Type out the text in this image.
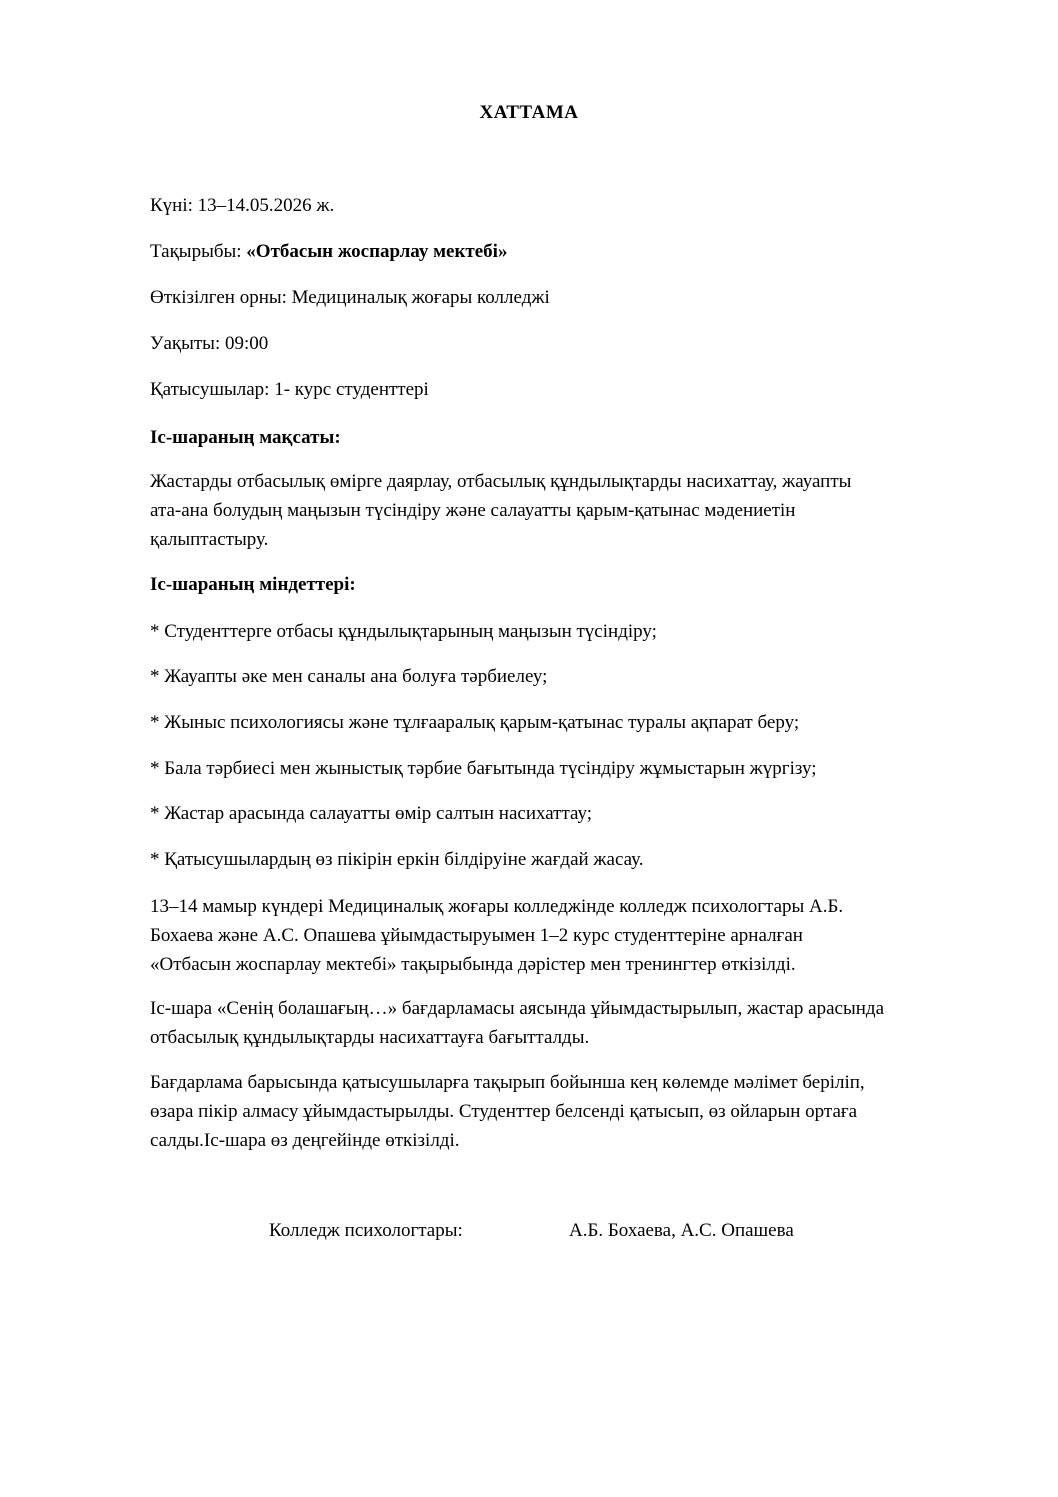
ХАТТАМА
Күні: 13–14.05.2026 ж.
Тақырыбы: «Отбасын жоспарлау мектебі»
Өткізілген орны: Медициналық жоғары колледжі
Уақыты: 09:00
Қатысушылар: 1- курс студенттері
Іс-шараның мақсаты:
Жастарды отбасылық өмірге даярлау, отбасылық құндылықтарды насихаттау, жауапты
ата-ана болудың маңызын түсіндіру және салауатты қарым-қатынас мәдениетін
қалыптастыру.
Іс-шараның міндеттері:
* Студенттерге отбасы құндылықтарының маңызын түсіндіру;
* Жауапты әке мен саналы ана болуға тәрбиелеу;
* Жыныс психологиясы және тұлғааралық қарым-қатынас туралы ақпарат беру;
* Бала тәрбиесі мен жыныстық тәрбие бағытында түсіндіру жұмыстарын жүргізу;
* Жастар арасында салауатты өмір салтын насихаттау;
* Қатысушылардың өз пікірін еркін білдіруіне жағдай жасау.
13–14 мамыр күндері Медициналық жоғары колледжінде колледж психологтары А.Б.
Бохаева және А.С. Опашева ұйымдастыруымен 1–2 курс студенттеріне арналған
«Отбасын жоспарлау мектебі» тақырыбында дәрістер мен тренингтер өткізілді.
Іс-шара «Сенің болашағың…» бағдарламасы аясында ұйымдастырылып, жастар арасында
отбасылық құндылықтарды насихаттауға бағытталды.
Бағдарлама барысында қатысушыларға тақырып бойынша кең көлемде мәлімет беріліп,
өзара пікір алмасу ұйымдастырылды. Студенттер белсенді қатысып, өз ойларын ортаға
салды.Іс-шара өз деңгейінде өткізілді.
Колледж психологтары:	А.Б. Бохаева, А.С. Опашева
